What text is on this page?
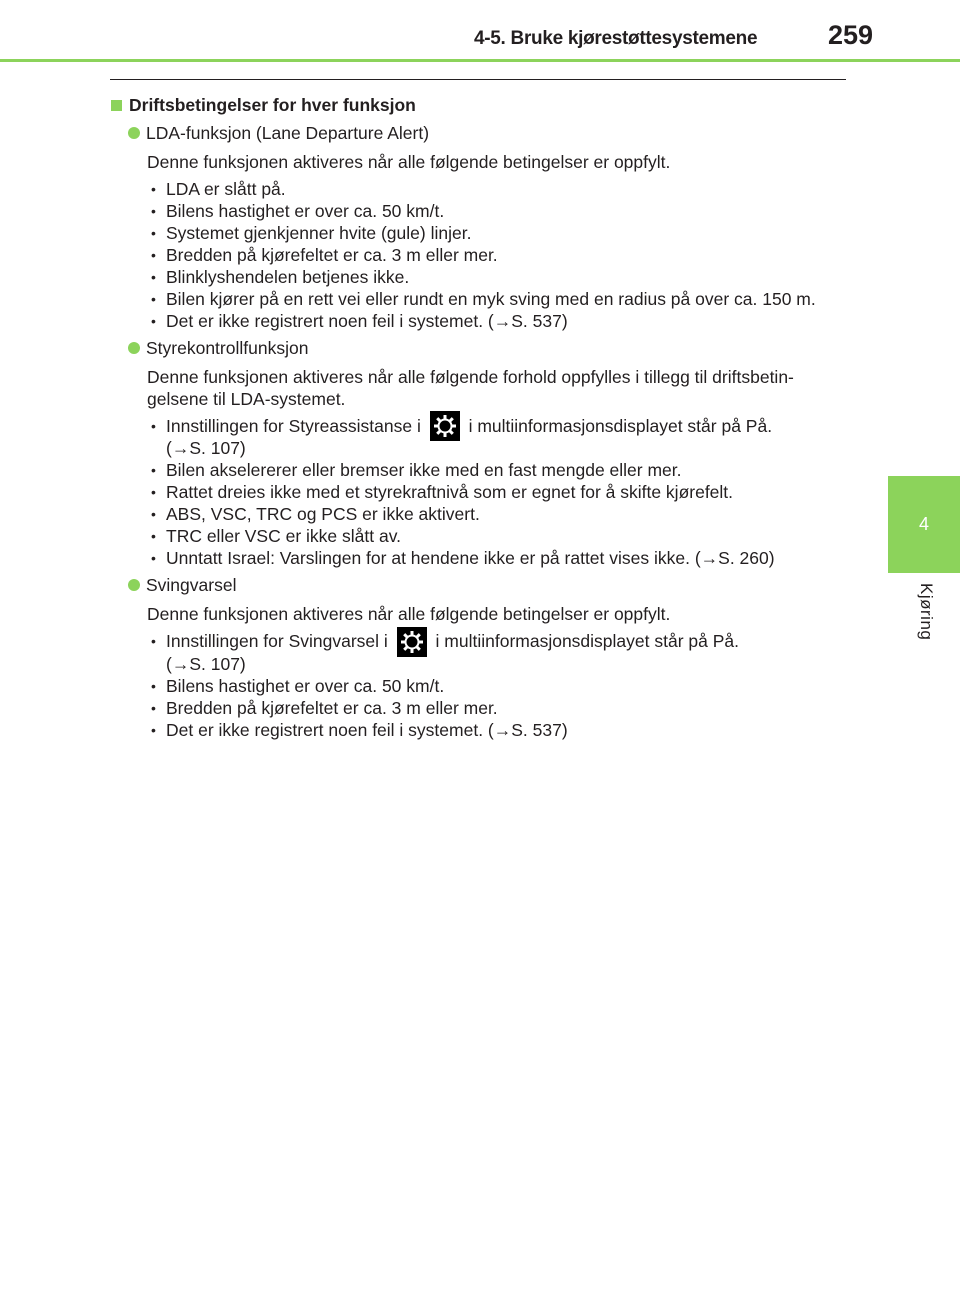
4-5. Bruke kjørestøttesystemene	259
4
Kjøring
Driftsbetingelser for hver funksjon
LDA-funksjon (Lane Departure Alert)
Denne funksjonen aktiveres når alle følgende betingelser er oppfylt.
• LDA er slått på.
• Bilens hastighet er over ca. 50 km/t.
• Systemet gjenkjenner hvite (gule) linjer.
• Bredden på kjørefeltet er ca. 3 m eller mer.
• Blinklyshendelen betjenes ikke.
• Bilen kjører på en rett vei eller rundt en myk sving med en radius på over ca. 150 m.
• Det er ikke registrert noen feil i systemet. (→S. 537)
Styrekontrollfunksjon
Denne funksjonen aktiveres når alle følgende forhold oppfylles i tillegg til driftsbetin-gelsene til LDA-systemet.
• Innstillingen for Styreassistanse i	i multiinformasjonsdisplayet står på På.
(→S. 107)
• Bilen akselererer eller bremser ikke med en fast mengde eller mer.
• Rattet dreies ikke med et styrekraftnivå som er egnet for å skifte kjørefelt.
• ABS, VSC, TRC og PCS er ikke aktivert.
• TRC eller VSC er ikke slått av.
• Unntatt Israel: Varslingen for at hendene ikke er på rattet vises ikke. (→S. 260)
Svingvarsel
Denne funksjonen aktiveres når alle følgende betingelser er oppfylt.
• Innstillingen for Svingvarsel i	i multiinformasjonsdisplayet står på På.
(→S. 107)
• Bilens hastighet er over ca. 50 km/t.
• Bredden på kjørefeltet er ca. 3 m eller mer.
• Det er ikke registrert noen feil i systemet. (→S. 537)
